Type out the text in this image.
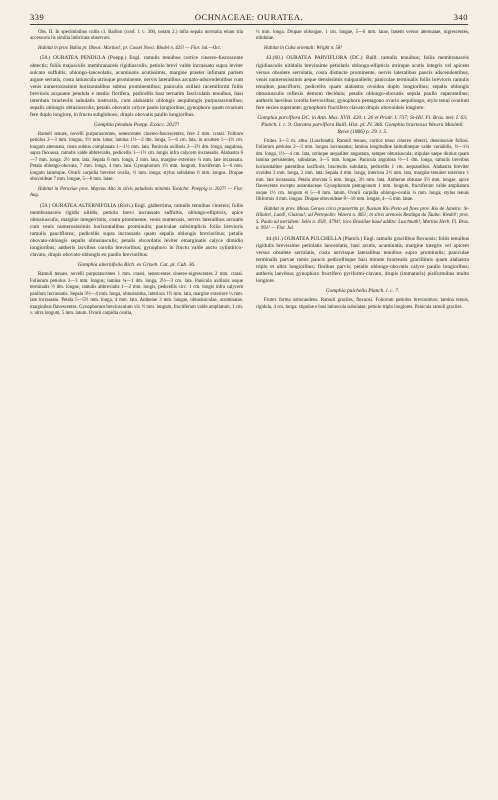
339	OCHNACEAE: OURATEA.	340

Obs. II. In speciminibus cultis cl. Baillon (conf. l. c. 360, notam 2.) infra sepala normalia etiam tria accessoria iis similia imbricata observavi.

Habitat in prov. Bahia pr. Ilheos: Martius!; pr. Cassel Novo: Blodel n. 425! — Flor. Jul.—Oct.

(58.) OURATEA PENDULA (Poepp.) Engl. ramulis tenuibus cortice cinereo-fuscescente obtectis; foliis majusculis membranaceis rigidiusculis, petiolo brevi valde incrassato supra leviter sulcato suffultis, oblongo-lanceolatis, acuminatis acutissimis, margine praeter infimam partem argute serratis, costa latiuscula utrinque prominente, nervis lateralibus arcuato-adscendentibus cum venis numerosissimis horizontalibus subtus prominentibus; paniculis axillari racemiformi foliis brevioris acquante pendula e medio floriferа, pedicellis basi ternatim fasciculatis tenuibus, basi interdum bracteolis subulatis instructis, cum alabastris oblongis aequilongis purpurascentibus; sepalis oblongis obtusiusculis; petalis obovatis calyce paulo longioribus; gynophoro quam ovarium fere duplo longiore, in fructu subgloboso, drupis obovatis paullo longioribus.

Gomphia pendula Poepp. Exsicc. 2027!

Rameli tenues, novelli purpurascentes, senescentes cinereo-fuscescentes, fere 2 mm. crassi. Folirum petiolus 2—3 mm. longus, 1½ mm. latus; lamina 1½—2 dm. longa, 5—6 cm. lata, in acumen 1—1½ cm. longum attenuata, costa subtus complanata 1—1½ mm. lata. Panicula axillaris 2—2½ dm. longa, angulosa, supra flexuosa, ramulis valde abbreviatis, pedicellis 1—1½ cm. longis infra calycem incrassatis. Alabastra 6—7 mm. longa, 2½ mm. lata. Sepala 6 mm. longa, 2 mm. lata, margine exteriore ¼ mm. late incrassata. Petala oblongo-obovata, 7 mm. longa, 4 mm. lata. Gynophorum 1½ mm. longum, fructiferum 5—6 mm. longum latumque. Ovarii carpidia breviter ovalia, ½ mm. longa; stylus subulatus 6 mm. longus. Drupae obovoideae 7 mm. longae, 5—6 mm. latae.

Habitat in Peruviae prov. Maynas Alto in silvis paludosis minimis Tocache: Poeppig n. 2027! — Flor. Aug.

(59.) OURATEA ALTERNIFOLIA (Rich.) Engl. glaberrima, ramulis tenuibus cinereis; foliis membranaceis rigidis nitidis, petiolo brevi incrassato suffultis, oblongo-ellipticis, apice obtusiusculis, margine integerrimis, costa prominente, venis numerosis, nervis lateralibus arcuatis cum venis numerosissimis horizontalibus prominulis; paniculae subsimplicis foliis brevioris ramulis pauciflorис, pedicellis supra incrassatis quam sepalis oblongis brevioribus; petalis obovato-oblongis sepalis obtusiusculis; petalis obcordatis leviter emarginatis calyce dimidio longioribus; antheris lacvibus corolla brevioribus; gynophoro in fructu valde aucto cylindrico-clavato, drupis obovato-oblongis eo paullo brevioribus.

Gomphia alternifolia Rich. ex Griseb. Cat. pl. Cub. 36.

Ramuli tenues, novelli purpurascentes 1 mm. crassi, senescentes cinereo-nigrescentes 2 mm. crassi. Foliorum petiolus 2—3 mm. longus; lamina ¾—1 dm. longa, 2½—3 cm. lata. Panicula axillaris usque terminalis ½ dm. longae, ramulis abbreviatis 1—2 mm. longis, pedicellis circ. 1 cm. longis infra calycem paullum incrassatis. Sepala 3½—4 mm. longa, obtusissima, interiora 1½ mm. lata, margine exteriore ¼ mm. late incrassato. Petala 5—5½ mm. longa, 4 mm. lata. Antherae 3 mm. longae, obtusiusculae, acuminatae, marginibus flavescentes. Gynophorum breviusculum vix ½ mm. longum, fructiferum valde ampliatum, 1 cm. v. ultra longum, 5 mm. latum. Ovarii carpidia ovalia,

¼ mm. longa. Drupae oblongae, 1 cm. longae, 5—6 mm. latae, basem versus attenuatae, nigrescentes, nitidulae.

Habitat in Cuba orientali: Wright n. 58!

43.(60.) OURATEA PARVIFLORA (DC.) Baill. ramulis tenuibus; foliis membranaceis rigidiusculis nitidulis brevissime petiolatis oblongo-ellipticis utrinque acutis integris vel apicem versus obsolete serrulatis, costa distincte prominente, nervis lateralibus paucis adscendentibus, venis numerosissimis aeque densissimis subparallelis; paniculae terminalis foliis brevioris ramulis tenuibus paucifloris, pedicellis quam alabastra ovoidea duplo longioribus; sepalis oblongis obtusiusculis reflexis demum deciduis; petalis oblongo-obovatis sepala paullo superantibus; antheris laevibus corolla brevioribus; gynophoro pentagono ovario aequilongo, stylo tenui ovarium fere sexies superante; gynophoro fructifero clavato drupis obovoideis longiore.

Gomphia parviflora DC. in Ann. Mus. XVII. 420. t. 26 et Prodr. I. 737; St-Hil. Fl. Bras. mer. I. 63; Planch. l. c. 9. Ouratea parviflora Baill. Hist. pl. IV. 366. Gomphia bracteosa Wawra Maximil. Reise (1866) p. 29. t. 5.

Frutex 3—5 m. altus (Luschnath). Ramuli tenues, cortice tenui cinereo obtecti, densiuscule foliosi. Foliorum petiolus 2—3 mm. longus incrassatus; lamina longitudine latitudineque valde variabilis, ½—1¼ dm. longa, 1½—4 cm. lata, utrinque aequaliter angustata, semper obtusiuscula; stipulae saepe diutius quam lamina persistentes, subulatae, 3—5 mm. longae. Panicula angulosa ½—1 dm. longa, ramulis brevibus horizontaliter patentibus laxifloris, bracteolis subulatis, pedicellis 1 cm. aequantibus. Alabastra breviter ovoidea 3 mm. longa, 2 mm. lata. Sepala 4 mm. longa, interiora 2½ mm. lata, margine tenuiter exteriore 1 mm. late incrassata. Petala obovata 5 mm. longa, 3½ mm. lata. Antherae obtusae 3½ mm. longae, apice flavescente excepto aurantiaceae. Gynophorum pentagonum 1 mm. longum, fructiferum valde ampliatum usque 1½ cm. longum et 5—8 mm. latum. Ovarii carpidia oblongo-ovalia ¼ mm. longa; stylus tenuis filiformis 4 mm. longus. Drupae obovoideae 8—10 mm. longae, 4—5 mm. latae.

Habitat in prov. Minas Geraes circa praesertim pr. fluvium Rio Preto ad fines prov. Rio de Janeiro: St-Hilaire!, Lund!, Glaziou!; ad Petropolin: Wawra n. 465!; in silvis arenosis Restinga da Tauba: Riedel!; prov. S. Paulo ad meridiem: Sello n. 458!, 4794!; loco Brasiliae haud addito: Luschnath!, Martius Herb. Fl. Bras. n. 991! — Flor. Jul.

44.(61.) OURATEA PULCHELLA (Planch.) Engl. ramulis gracilibus flexuosis; foliis tenuibus rigidulis brevissime petiolatis lanceolatis, basi acutis, acuminatis, margine integris vel apicem versus obsolete serrulatis, costa nervisque lateralibus tenuibus supra prominulis; paniculae terminalis parvae ramis paucis pedicellisque basi minute bracteatis gracillimis quam alabastra triplo et ultra longioribus; floribus parvis; petalis oblongo-obovatis calyce paullo longioribus; antheris laevibus; gynophoro fructifero pyriformi-clavato, drupis (immaturis) pisiformibus multo longiore.

Gomphia pulchella Planch. l. c. 7.

Frutex forma subscandens. Ramuli graciles, flexuosi. Foliorum petiolus brevissimus; lamina tenuis, rigidula, 4 cm. longa; stipulae e basi latiuscula subulatae, petiolo triplo longiores. Panicula ramuli graciles.
